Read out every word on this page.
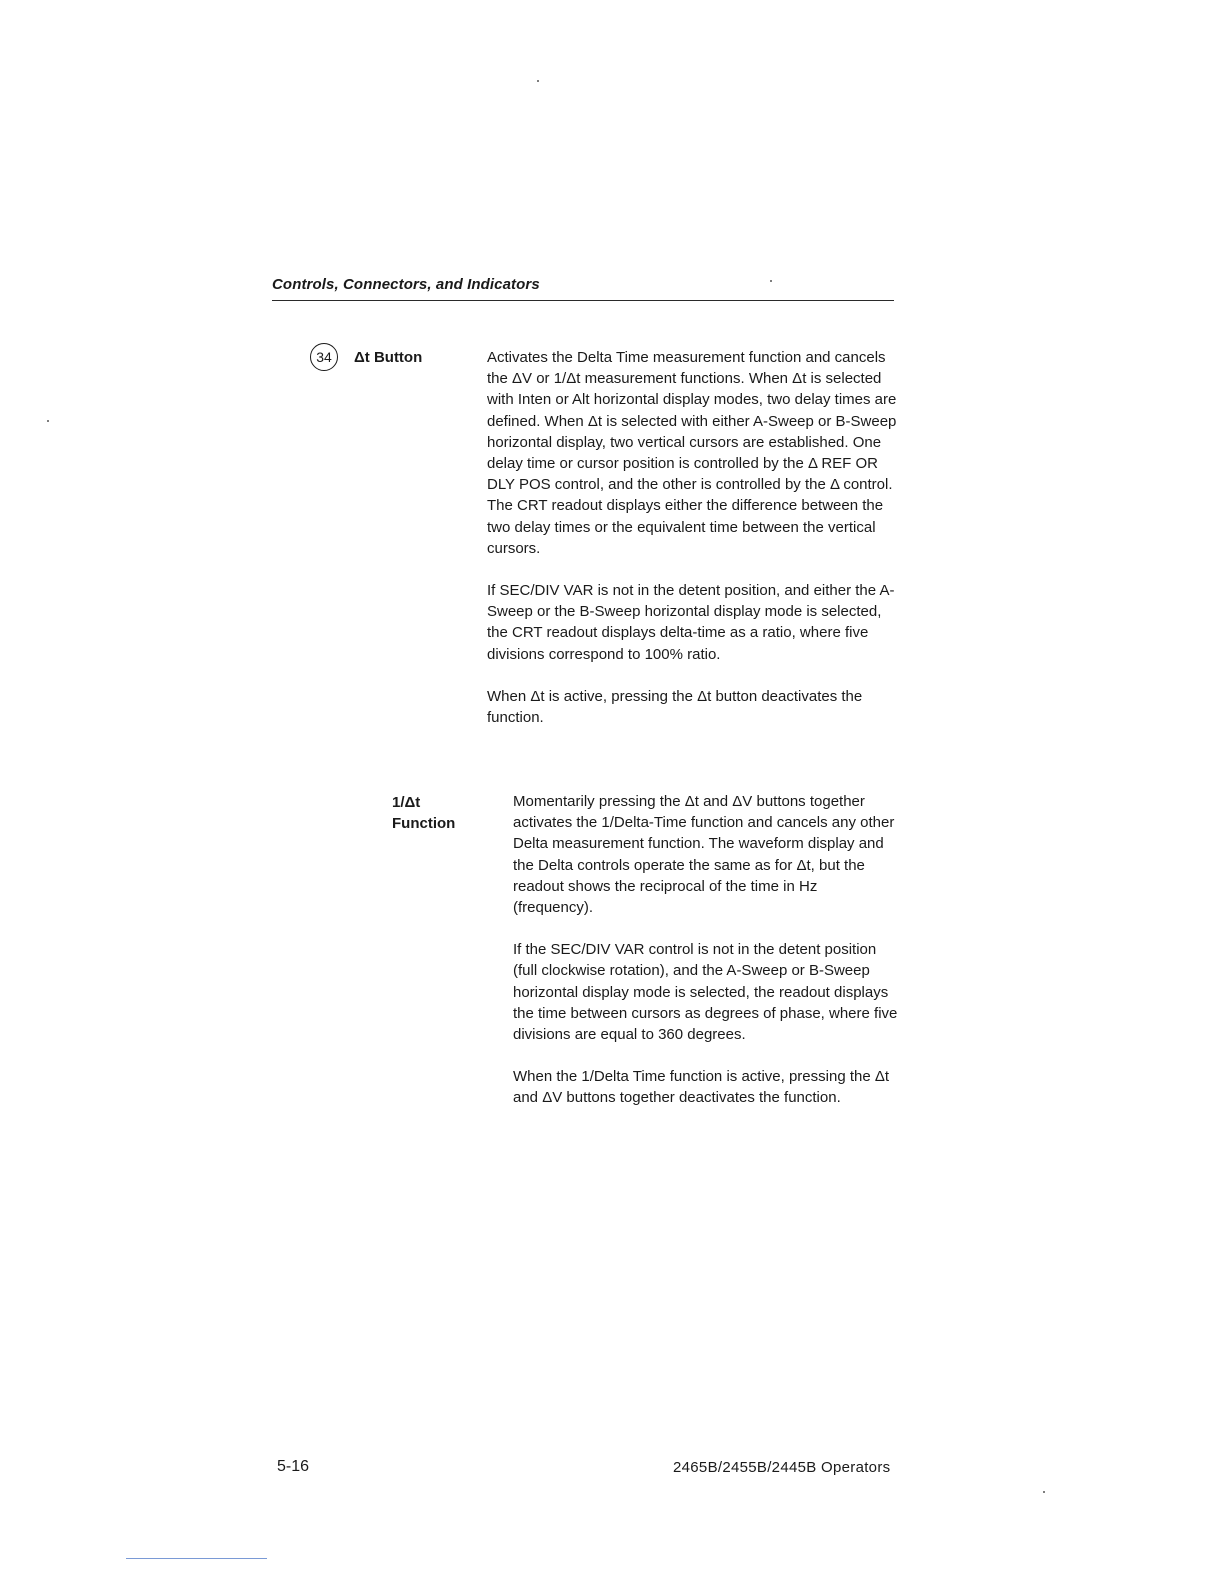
Controls, Connectors, and Indicators
34	Δt Button	Activates the Delta Time measurement function and cancels the ΔV or 1/Δt measurement functions. When Δt is selected with Inten or Alt horizontal display modes, two delay times are defined. When Δt is selected with either A-Sweep or B-Sweep horizontal display, two vertical cursors are established. One delay time or cursor position is controlled by the Δ REF OR DLY POS control, and the other is controlled by the Δ control. The CRT readout displays either the difference between the two delay times or the equivalent time between the vertical cursors.

If SEC/DIV VAR is not in the detent position, and either the A-Sweep or the B-Sweep horizontal display mode is selected, the CRT readout displays delta-time as a ratio, where five divisions correspond to 100% ratio.

When Δt is active, pressing the Δt button deactivates the function.

1/Δt
Function

Momentarily pressing the Δt and ΔV buttons together activates the 1/Delta-Time function and cancels any other Delta measurement function. The waveform display and the Delta controls operate the same as for Δt, but the readout shows the reciprocal of the time in Hz (frequency).

If the SEC/DIV VAR control is not in the detent position (full clockwise rotation), and the A-Sweep or B-Sweep horizontal display mode is selected, the readout displays the time between cursors as degrees of phase, where five divisions are equal to 360 degrees.

When the 1/Delta Time function is active, pressing the Δt and ΔV buttons together deactivates the function.

5-16	2465B/2455B/2445B Operators
